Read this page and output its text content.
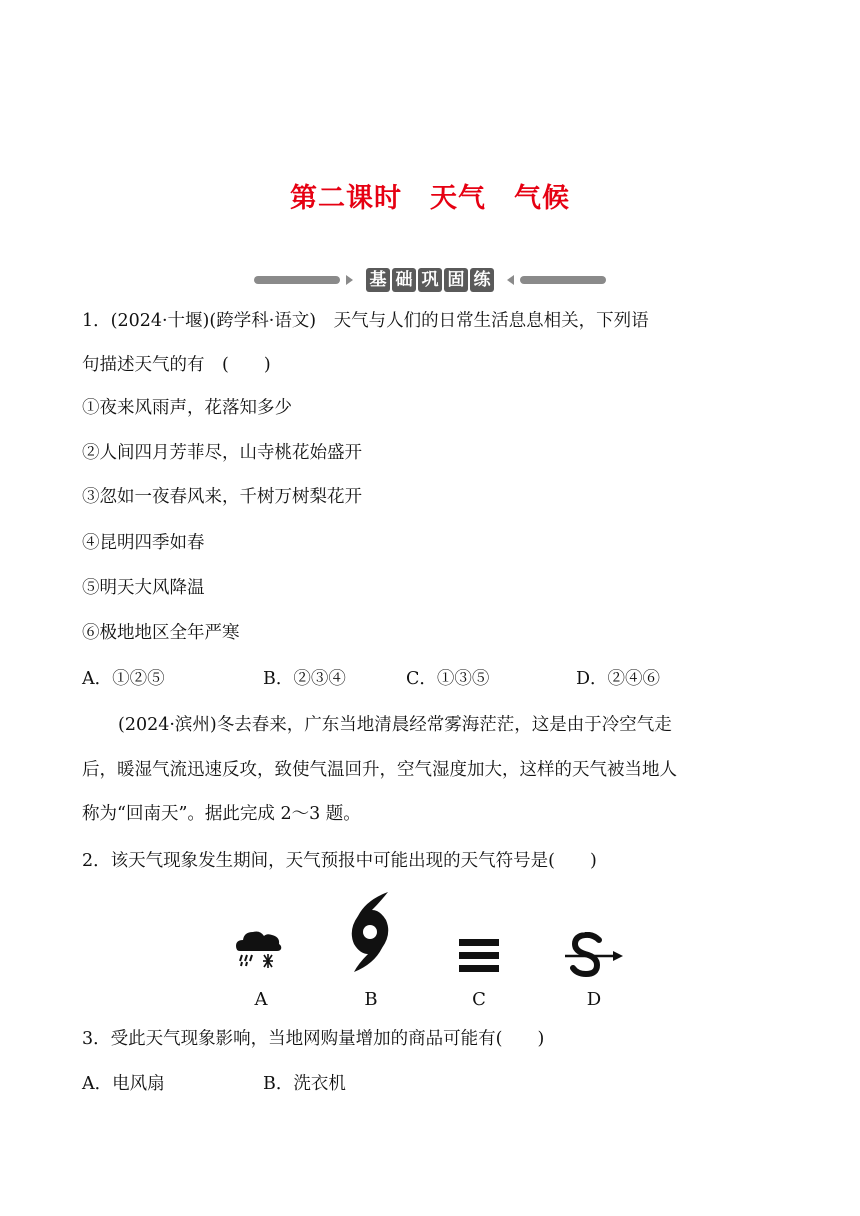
第二课时　天气　气候
基 础 巩 固 练
1．(2024·十堰)(跨学科·语文)　天气与人们的日常生活息息相关，下列语
句描述天气的有　(　　)
①夜来风雨声，花落知多少
②人间四月芳菲尽，山寺桃花始盛开
③忽如一夜春风来，千树万树梨花开
④昆明四季如春
⑤明天大风降温
⑥极地地区全年严寒
A．①②⑤	B．②③④	C．①③⑤	D．②④⑥
(2024·滨州)冬去春来，广东当地清晨经常雾海茫茫，这是由于冷空气走
后，暖湿气流迅速反攻，致使气温回升，空气湿度加大，这样的天气被当地人
称为“回南天”。据此完成 2～3 题。
2．该天气现象发生期间，天气预报中可能出现的天气符号是(　　)
A	B	C	D
3．受此天气现象影响，当地网购量增加的商品可能有(　　)
A．电风扇	B．洗衣机
